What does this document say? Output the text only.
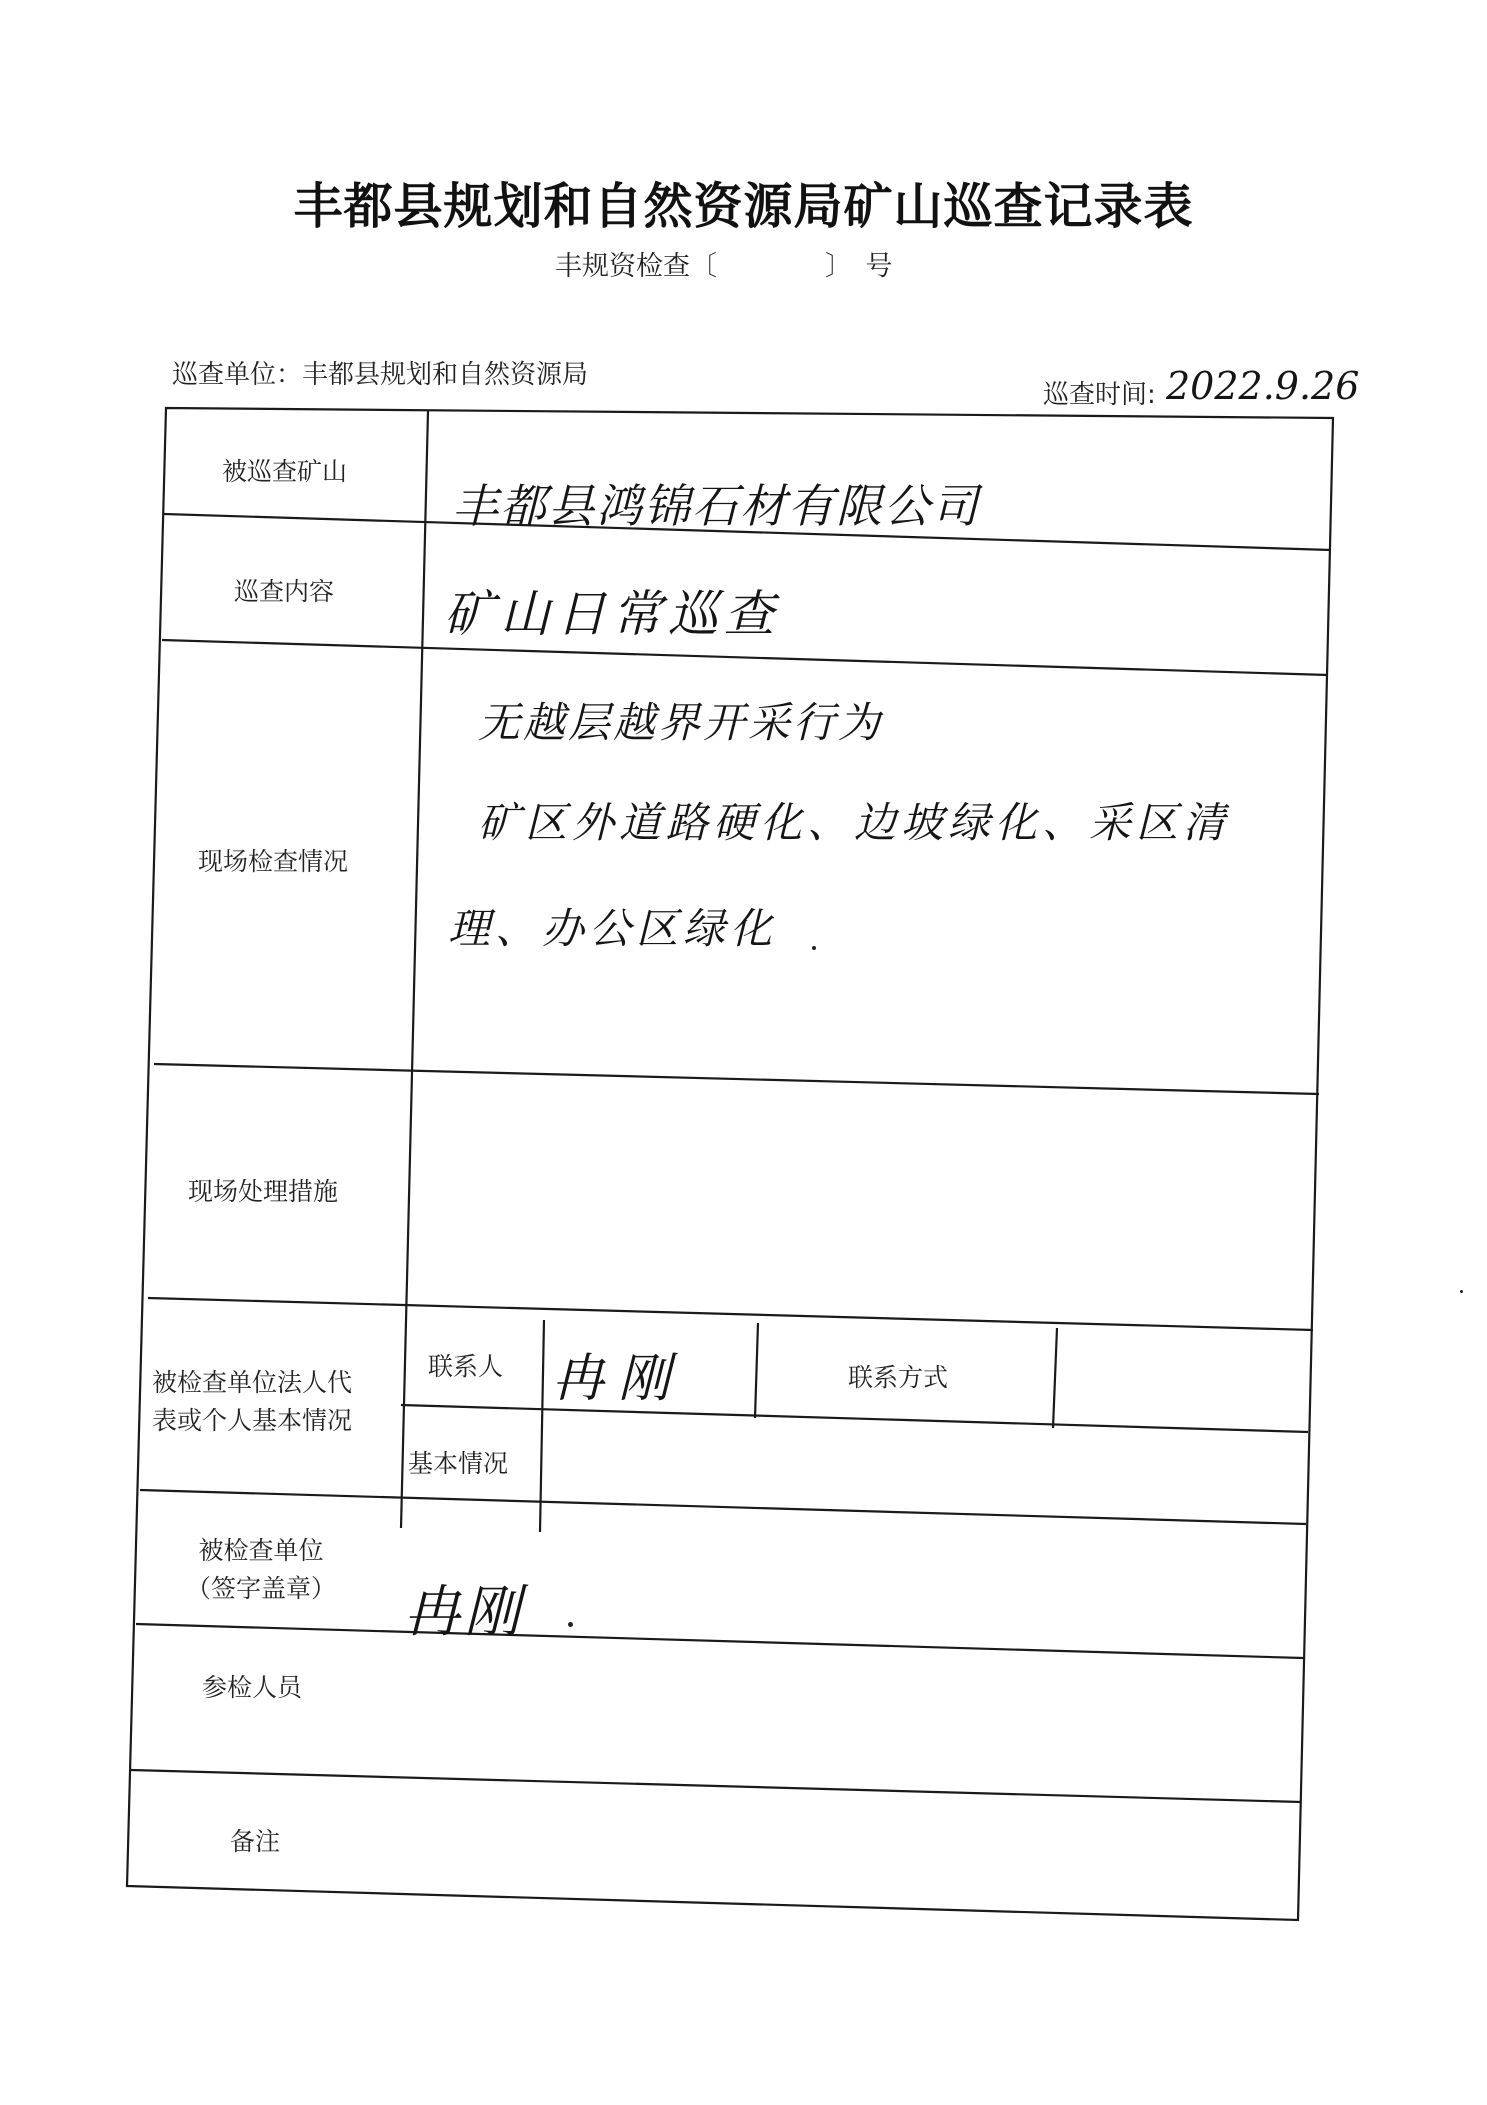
丰都县规划和自然资源局矿山巡查记录表
丰规资检查〔　　　　〕　号
巡查单位：丰都县规划和自然资源局
巡查时间: 2022.9.26
被巡查矿山
巡查内容
现场检查情况
现场处理措施
被检查单位法人代
表或个人基本情况
联系人	联系方式
基本情况
被检查单位
（签字盖章）
参检人员
备注
丰都县鸿锦石材有限公司
矿山日常巡查
无越层越界开采行为
矿区外道路硬化、边坡绿化、采区清
理、办公区绿化
冉刚
冉刚
